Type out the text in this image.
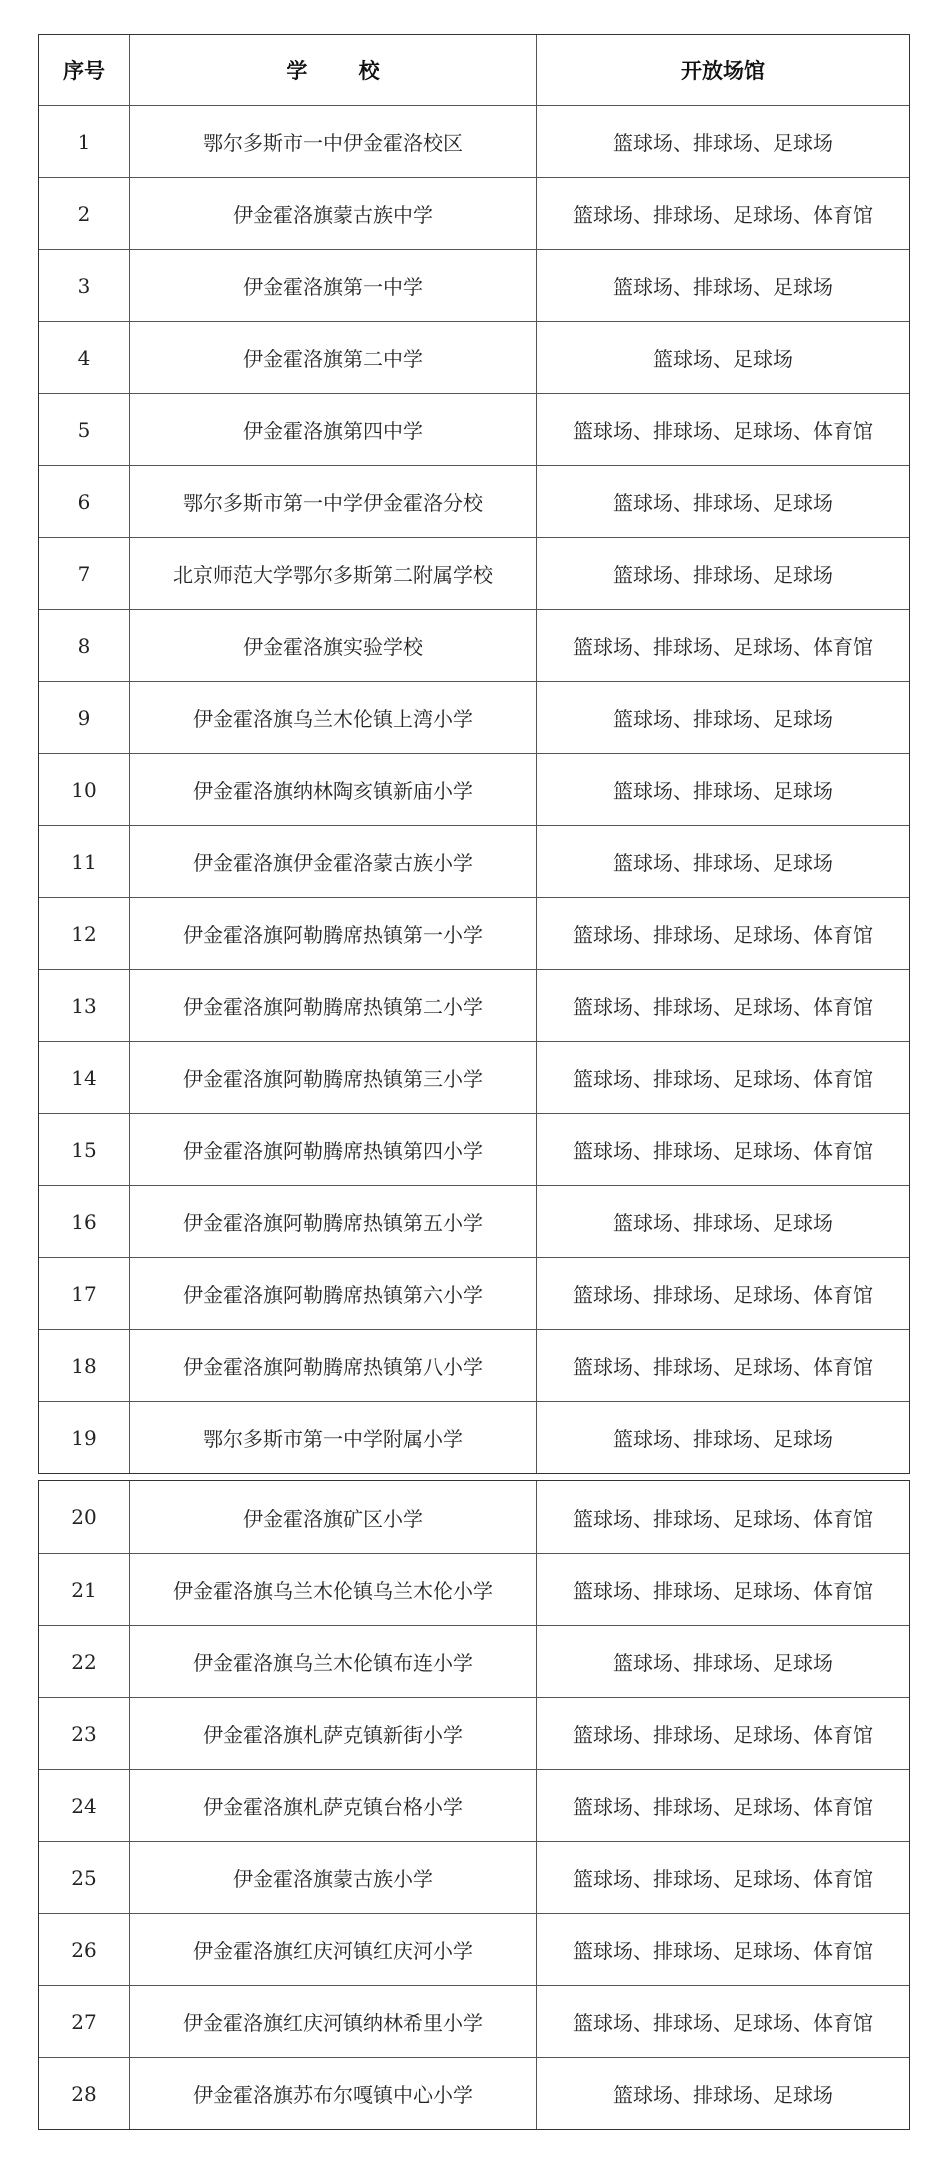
序号	学 校	开放场馆
1	鄂尔多斯市一中伊金霍洛校区	篮球场、排球场、足球场
2	伊金霍洛旗蒙古族中学	篮球场、排球场、足球场、体育馆
3	伊金霍洛旗第一中学	篮球场、排球场、足球场
4	伊金霍洛旗第二中学	篮球场、足球场
5	伊金霍洛旗第四中学	篮球场、排球场、足球场、体育馆
6	鄂尔多斯市第一中学伊金霍洛分校	篮球场、排球场、足球场
7	北京师范大学鄂尔多斯第二附属学校	篮球场、排球场、足球场
8	伊金霍洛旗实验学校	篮球场、排球场、足球场、体育馆
9	伊金霍洛旗乌兰木伦镇上湾小学	篮球场、排球场、足球场
10	伊金霍洛旗纳林陶亥镇新庙小学	篮球场、排球场、足球场
11	伊金霍洛旗伊金霍洛蒙古族小学	篮球场、排球场、足球场
12	伊金霍洛旗阿勒腾席热镇第一小学	篮球场、排球场、足球场、体育馆
13	伊金霍洛旗阿勒腾席热镇第二小学	篮球场、排球场、足球场、体育馆
14	伊金霍洛旗阿勒腾席热镇第三小学	篮球场、排球场、足球场、体育馆
15	伊金霍洛旗阿勒腾席热镇第四小学	篮球场、排球场、足球场、体育馆
16	伊金霍洛旗阿勒腾席热镇第五小学	篮球场、排球场、足球场
17	伊金霍洛旗阿勒腾席热镇第六小学	篮球场、排球场、足球场、体育馆
18	伊金霍洛旗阿勒腾席热镇第八小学	篮球场、排球场、足球场、体育馆
19	鄂尔多斯市第一中学附属小学	篮球场、排球场、足球场
20	伊金霍洛旗矿区小学	篮球场、排球场、足球场、体育馆
21	伊金霍洛旗乌兰木伦镇乌兰木伦小学	篮球场、排球场、足球场、体育馆
22	伊金霍洛旗乌兰木伦镇布连小学	篮球场、排球场、足球场
23	伊金霍洛旗札萨克镇新街小学	篮球场、排球场、足球场、体育馆
24	伊金霍洛旗札萨克镇台格小学	篮球场、排球场、足球场、体育馆
25	伊金霍洛旗蒙古族小学	篮球场、排球场、足球场、体育馆
26	伊金霍洛旗红庆河镇红庆河小学	篮球场、排球场、足球场、体育馆
27	伊金霍洛旗红庆河镇纳林希里小学	篮球场、排球场、足球场、体育馆
28	伊金霍洛旗苏布尔嘎镇中心小学	篮球场、排球场、足球场
